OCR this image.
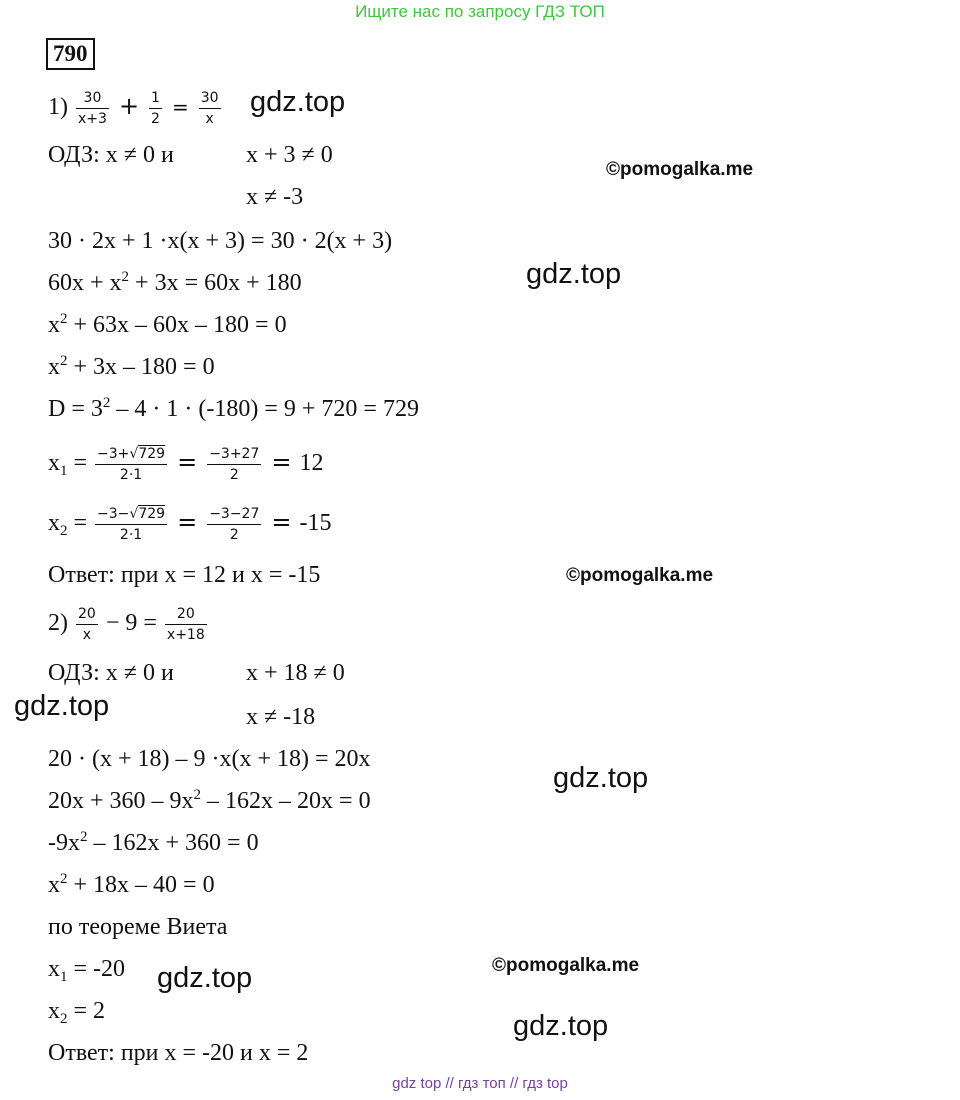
Ищите нас по запросу ГДЗ ТОП
790
$1) \frac{30}{x+3} + \frac{1}{2} = \frac{30}{x} gdz.top$
ОДЗ: x ≠ 0 и	x + 3 ≠ 0
©pomogalka.me
x ≠ -3
30 · 2x + 1 ·x(x + 3) = 30 · 2(x + 3)
$60x + x^2 + 3x = 60x + 180$	gdz.top
$x^2 + 63x - 60x - 180 = 0$
$x^2 + 3x - 180 = 0$
$D = 3^2 - 4 \cdot 1 \cdot (-180) = 9 + 720 = 729$
$x_1 = \frac{-3+√729}{2\cdot 1} = \frac{-3+27}{2} = 12$
$x_2 = \frac{-3-√729}{2\cdot 1} = \frac{-3-27}{2} = -15$
Ответ: при x = 12 и x = -15	©pomogalka.me
$2) \frac{20}{x} - 9 = \frac{20}{x+18}$
ОДЗ: x ≠ 0 и	x + 18 ≠ 0
gdz.top	x ≠ -18
20 · (x + 18) – 9 ·x(x + 18) = 20x
gdz.top
$20x + 360 - 9x^2 - 162x - 20x = 0$
$-9x^2 - 162x + 360 = 0$
$x^2 + 18x - 40 = 0$
по теореме Виета
$x_1 = -20$	©pomogalka.me
gdz.top
$x_2 = 2$	gdz.top
Ответ: при x = -20 и x = 2
gdz top // гдз топ // гдз top
